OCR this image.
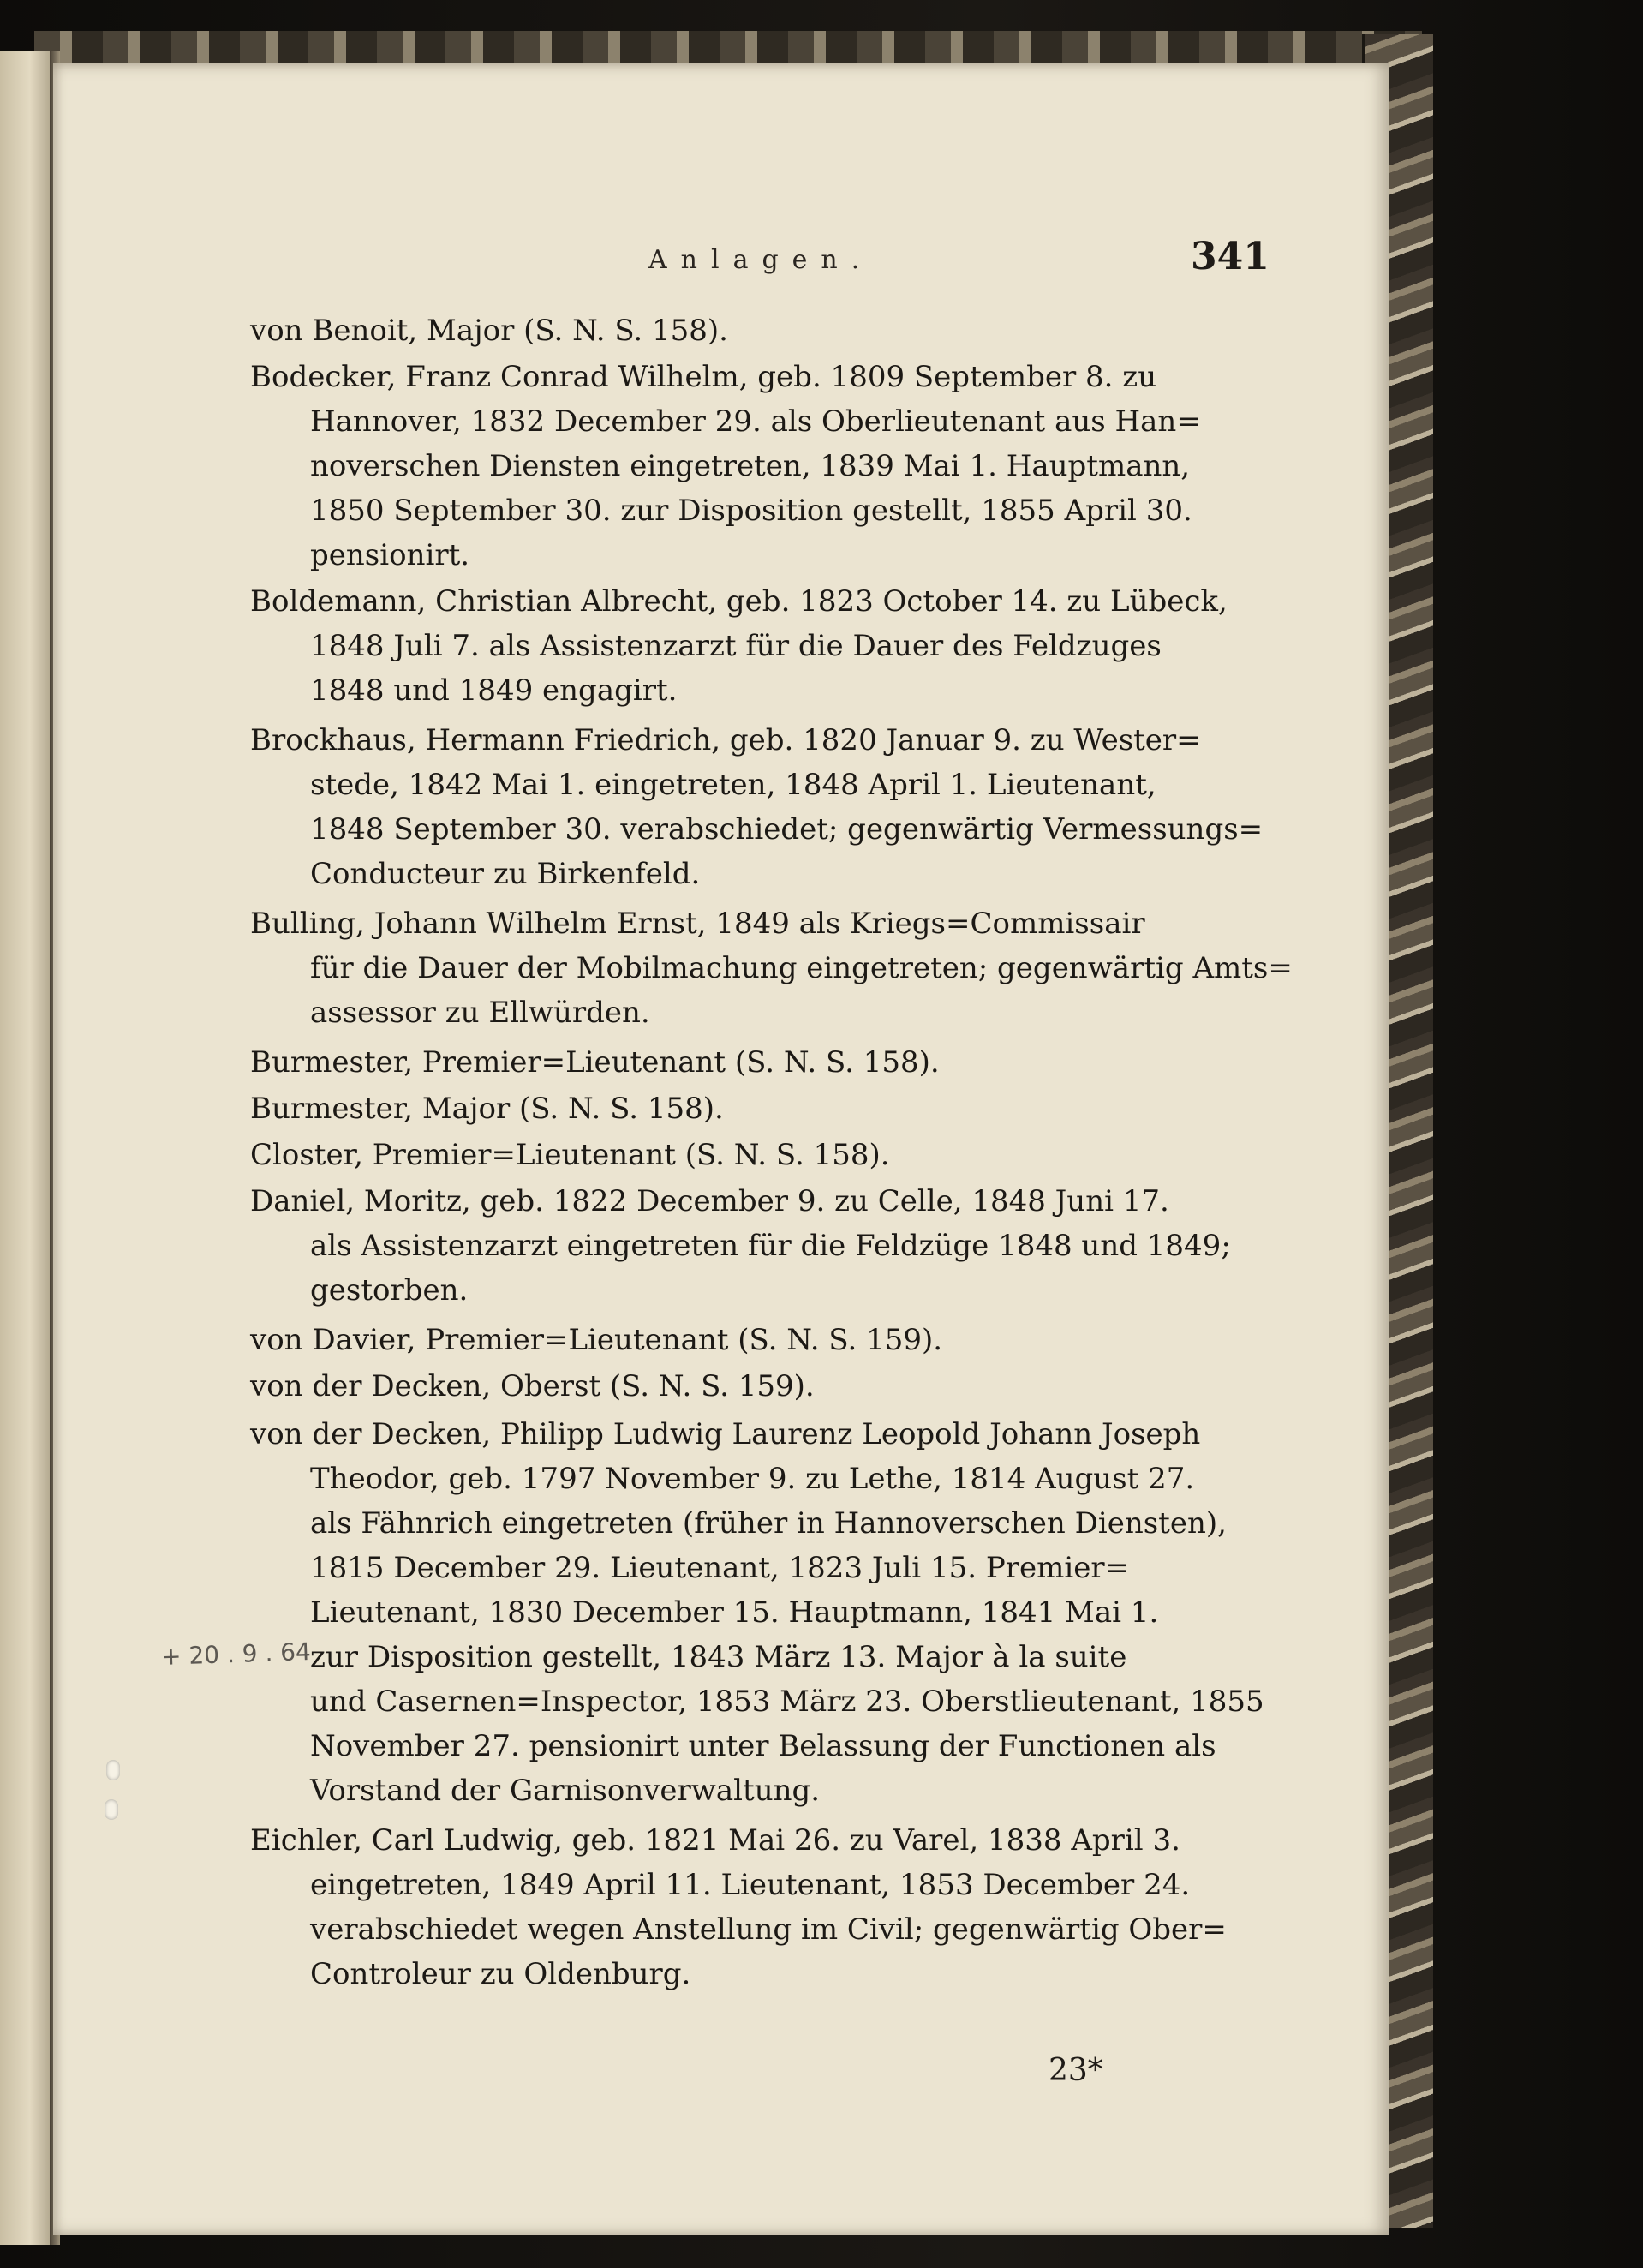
Anlagen.	341
von Benoit, Major (S. N. S. 158).
Bodecker, Franz Conrad Wilhelm, geb. 1809 September 8. zu
Hannover, 1832 December 29. als Oberlieutenant aus Han=
noverschen Diensten eingetreten, 1839 Mai 1. Hauptmann,
1850 September 30. zur Disposition gestellt, 1855 April 30.
pensionirt.
Boldemann, Christian Albrecht, geb. 1823 October 14. zu Lübeck,
1848 Juli 7. als Assistenzarzt für die Dauer des Feldzuges
1848 und 1849 engagirt.
Brockhaus, Hermann Friedrich, geb. 1820 Januar 9. zu Wester=
stede, 1842 Mai 1. eingetreten, 1848 April 1. Lieutenant,
1848 September 30. verabschiedet; gegenwärtig Vermessungs=
Conducteur zu Birkenfeld.
Bulling, Johann Wilhelm Ernst, 1849 als Kriegs=Commissair
für die Dauer der Mobilmachung eingetreten; gegenwärtig Amts=
assessor zu Ellwürden.
Burmester, Premier=Lieutenant (S. N. S. 158).
Burmester, Major (S. N. S. 158).
Closter, Premier=Lieutenant (S. N. S. 158).
Daniel, Moritz, geb. 1822 December 9. zu Celle, 1848 Juni 17.
als Assistenzarzt eingetreten für die Feldzüge 1848 und 1849;
gestorben.
von Davier, Premier=Lieutenant (S. N. S. 159).
von der Decken, Oberst (S. N. S. 159).
von der Decken, Philipp Ludwig Laurenz Leopold Johann Joseph
Theodor, geb. 1797 November 9. zu Lethe, 1814 August 27.
als Fähnrich eingetreten (früher in Hannoverschen Diensten),
1815 December 29. Lieutenant, 1823 Juli 15. Premier=
Lieutenant, 1830 December 15. Hauptmann, 1841 Mai 1.
zur Disposition gestellt, 1843 März 13. Major à la suite
und Casernen=Inspector, 1853 März 23. Oberstlieutenant, 1855
November 27. pensionirt unter Belassung der Functionen als
Vorstand der Garnisonverwaltung.
Eichler, Carl Ludwig, geb. 1821 Mai 26. zu Varel, 1838 April 3.
eingetreten, 1849 April 11. Lieutenant, 1853 December 24.
verabschiedet wegen Anstellung im Civil; gegenwärtig Ober=
Controleur zu Oldenburg.
+ 20 . 9 . 64
23*
